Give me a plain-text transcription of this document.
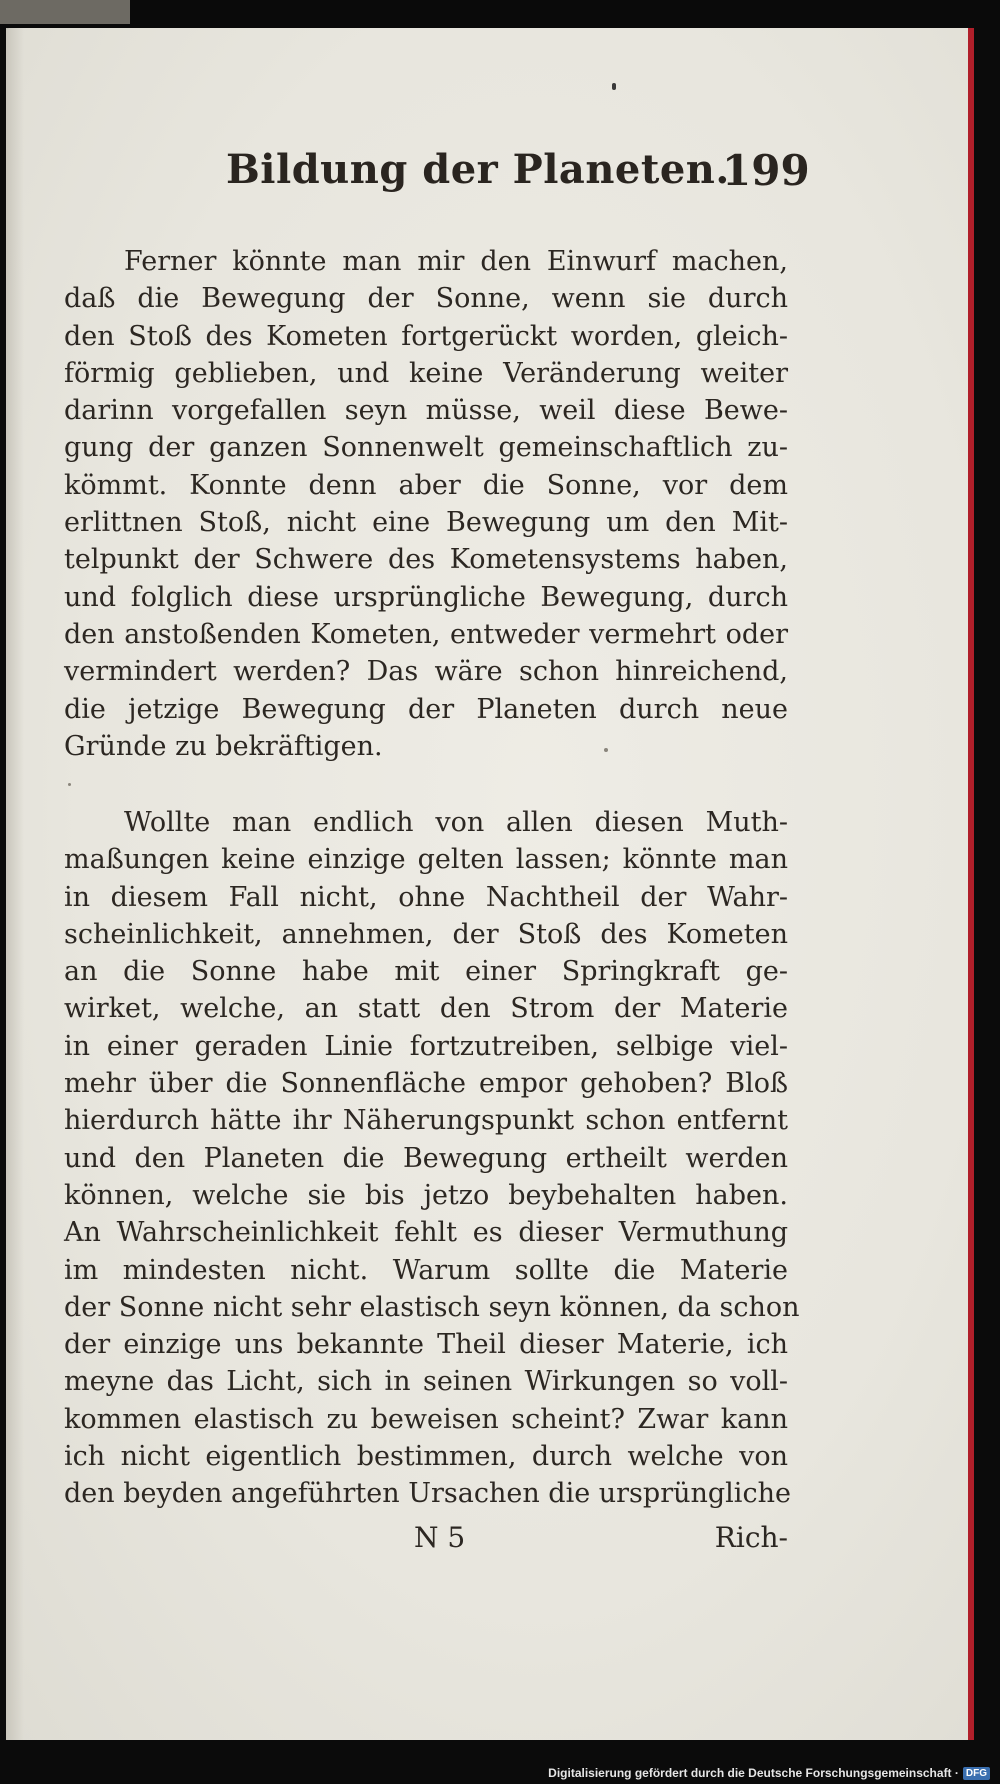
Bildung der Planeten.
199
Ferner könnte man mir den Einwurf machen,
daß die Bewegung der Sonne, wenn sie durch
den Stoß des Kometen fortgerückt worden, gleich-
förmig geblieben, und keine Veränderung weiter
darinn vorgefallen seyn müsse, weil diese Bewe-
gung der ganzen Sonnenwelt gemeinschaftlich zu-
kömmt. Konnte denn aber die Sonne, vor dem
erlittnen Stoß, nicht eine Bewegung um den Mit-
telpunkt der Schwere des Kometensystems haben,
und folglich diese ursprüngliche Bewegung, durch
den anstoßenden Kometen, entweder vermehrt oder
vermindert werden? Das wäre schon hinreichend,
die jetzige Bewegung der Planeten durch neue
Gründe zu bekräftigen.
Wollte man endlich von allen diesen Muth-
maßungen keine einzige gelten lassen; könnte man
in diesem Fall nicht, ohne Nachtheil der Wahr-
scheinlichkeit, annehmen, der Stoß des Kometen
an die Sonne habe mit einer Springkraft ge-
wirket, welche, an statt den Strom der Materie
in einer geraden Linie fortzutreiben, selbige viel-
mehr über die Sonnenfläche empor gehoben? Bloß
hierdurch hätte ihr Näherungspunkt schon entfernt
und den Planeten die Bewegung ertheilt werden
können, welche sie bis jetzo beybehalten haben.
An Wahrscheinlichkeit fehlt es dieser Vermuthung
im mindesten nicht. Warum sollte die Materie
der Sonne nicht sehr elastisch seyn können, da schon
der einzige uns bekannte Theil dieser Materie, ich
meyne das Licht, sich in seinen Wirkungen so voll-
kommen elastisch zu beweisen scheint? Zwar kann
ich nicht eigentlich bestimmen, durch welche von
den beyden angeführten Ursachen die ursprüngliche
N 5	Rich-
Digitalisierung gefördert durch die Deutsche Forschungsgemeinschaft · DFG
